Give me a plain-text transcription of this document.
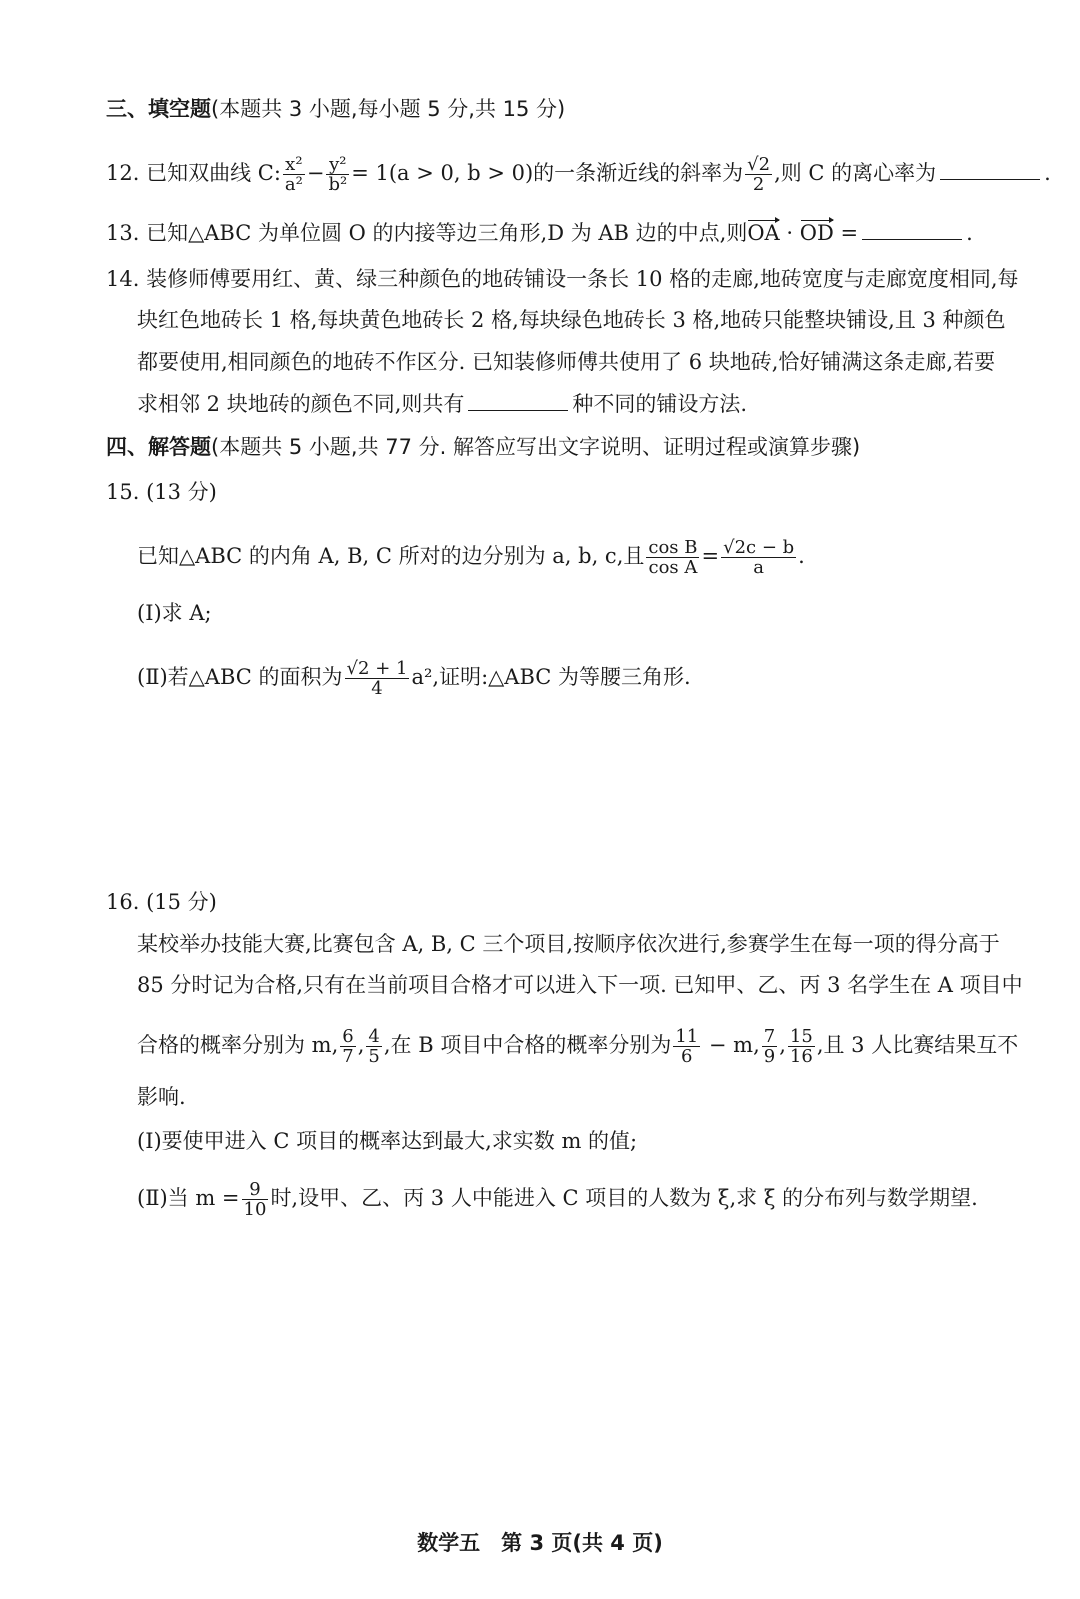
三、填空题(本题共 3 小题,每小题 5 分,共 15 分)
12. 已知双曲线 C: $\frac{\text{x²}}{\text{a²}} - \frac{\text{y²}}{\text{b²}} = 1(a > 0$, b > 0)的一条渐近线的斜率为 $\frac{√2}{2}$ ,则 C 的离心率为	.
13. 已知△ABC 为单位圆 O 的内接等边三角形,D 为 AB 边的中点,则OA · OD =	.
14. 装修师傅要用红、黄、绿三种颜色的地砖铺设一条长 10 格的走廊,地砖宽度与走廊宽度相同,每
块红色地砖长 1 格,每块黄色地砖长 2 格,每块绿色地砖长 3 格,地砖只能整块铺设,且 3 种颜色
都要使用,相同颜色的地砖不作区分. 已知装修师傅共使用了 6 块地砖,恰好铺满这条走廊,若要
求相邻 2 块地砖的颜色不同,则共有	种不同的铺设方法.
四、解答题(本题共 5 小题,共 77 分. 解答应写出文字说明、证明过程或演算步骤)
15. (13 分)
已知△ABC 的内角 A, B, C 所对的边分别为 a, b, c,且 $\frac{\text{cos B}}{\text{cos A}} = \frac{√2c - b}{a}$ .
(Ⅰ)求 A;
(Ⅱ)若△ABC 的面积为 $\frac{√2 + 1}{4} a^2$,证明:△ABC 为等腰三角形.
16. (15 分)
某校举办技能大赛,比赛包含 A, B, C 三个项目,按顺序依次进行,参赛学生在每一项的得分高于
85 分时记为合格,只有在当前项目合格才可以进入下一项. 已知甲、乙、丙 3 名学生在 A 项目中
合格的概率分别为 m, $\frac{6}{7}$ , $\frac{4}{5}$ ,在 B 项目中合格的概率分别为 $\frac{11}{6} - m$, $\frac{7}{9}$ , $\frac{15}{16}$ ,且 3 人比赛结果互不
影响.
(Ⅰ)要使甲进入 C 项目的概率达到最大,求实数 m 的值;
(Ⅱ)当 $m = \frac{9}{10}$ 时,设甲、乙、丙 3 人中能进入 C 项目的人数为 ξ,求 ξ 的分布列与数学期望.
数学五　第 3 页(共 4 页)
